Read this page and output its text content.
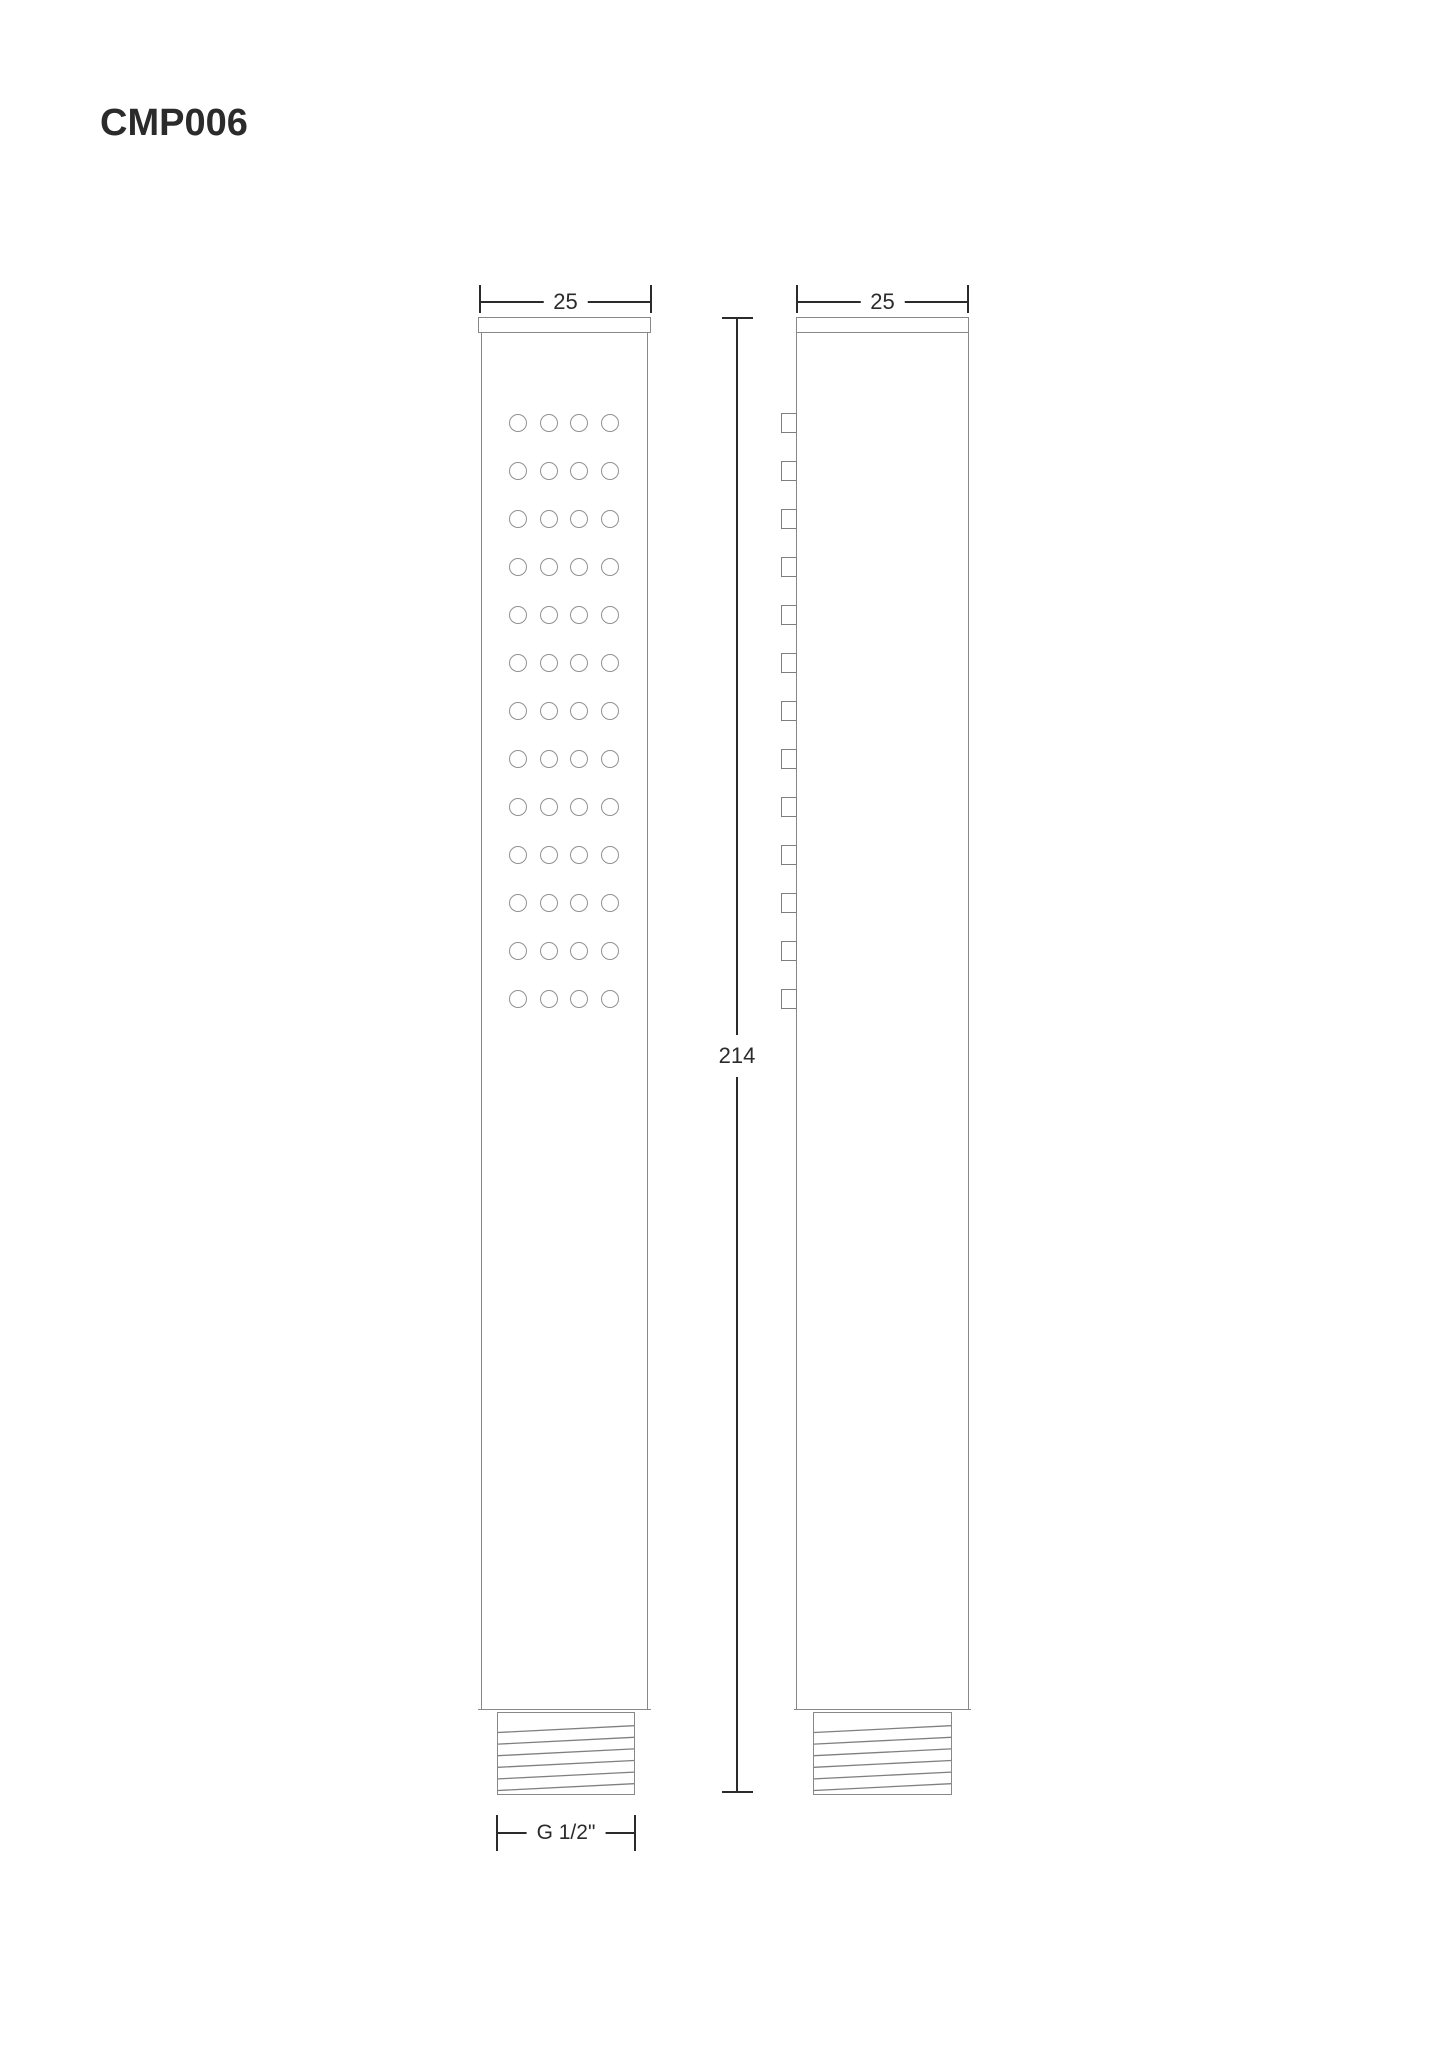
CMP006
25
G 1/2"
214
25
